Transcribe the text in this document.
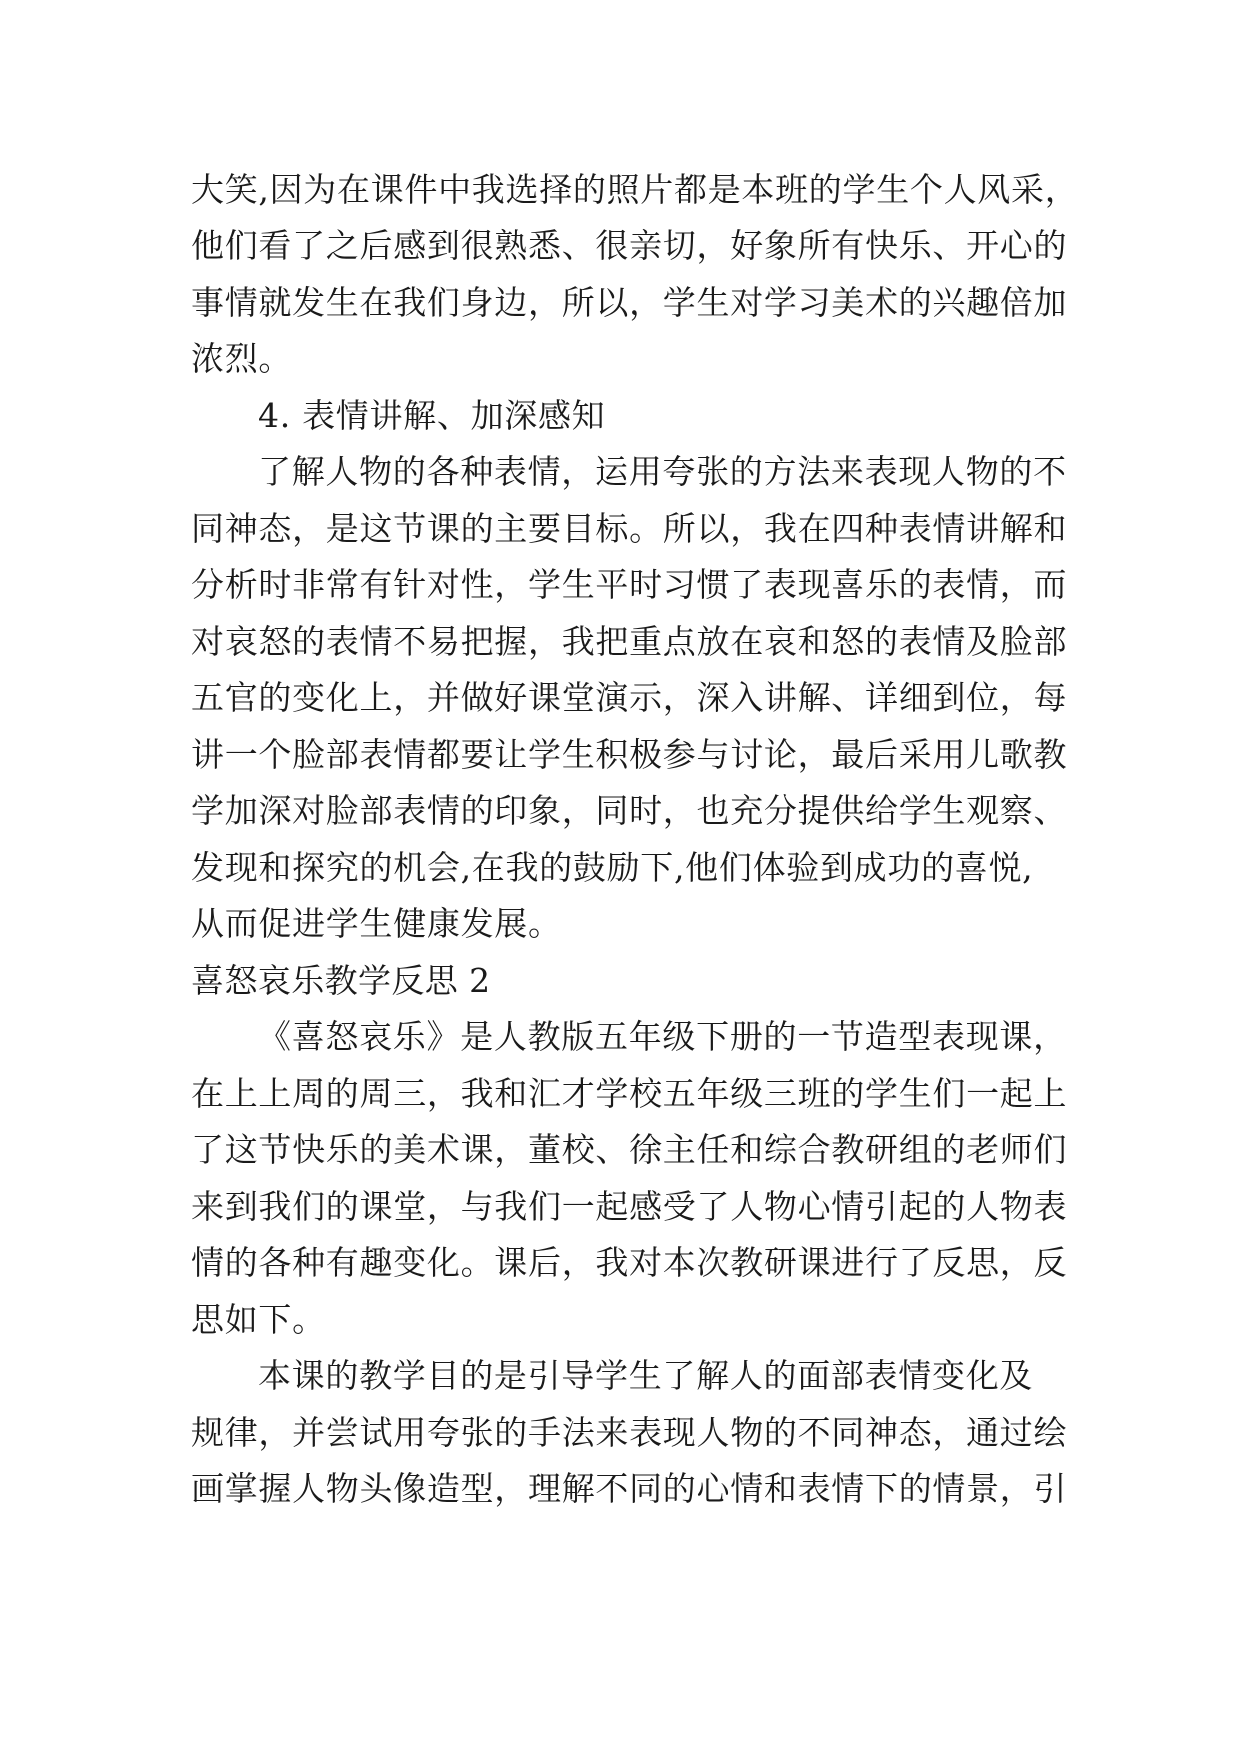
大笑,因为在课件中我选择的照片都是本班的学生个人风采，
他们看了之后感到很熟悉、很亲切，好象所有快乐、开心的
事情就发生在我们身边，所以，学生对学习美术的兴趣倍加
浓烈。
4. 表情讲解、加深感知
了解人物的各种表情，运用夸张的方法来表现人物的不
同神态，是这节课的主要目标。所以，我在四种表情讲解和
分析时非常有针对性，学生平时习惯了表现喜乐的表情，而
对哀怒的表情不易把握，我把重点放在哀和怒的表情及脸部
五官的变化上，并做好课堂演示，深入讲解、详细到位，每
讲一个脸部表情都要让学生积极参与讨论，最后采用儿歌教
学加深对脸部表情的印象，同时，也充分提供给学生观察、
发现和探究的机会,在我的鼓励下,他们体验到成功的喜悦,
从而促进学生健康发展。
喜怒哀乐教学反思 2
《喜怒哀乐》是人教版五年级下册的一节造型表现课，
在上上周的周三，我和汇才学校五年级三班的学生们一起上
了这节快乐的美术课，董校、徐主任和综合教研组的老师们
来到我们的课堂，与我们一起感受了人物心情引起的人物表
情的各种有趣变化。课后，我对本次教研课进行了反思，反
思如下。
本课的教学目的是引导学生了解人的面部表情变化及
规律，并尝试用夸张的手法来表现人物的不同神态，通过绘
画掌握人物头像造型，理解不同的心情和表情下的情景，引
